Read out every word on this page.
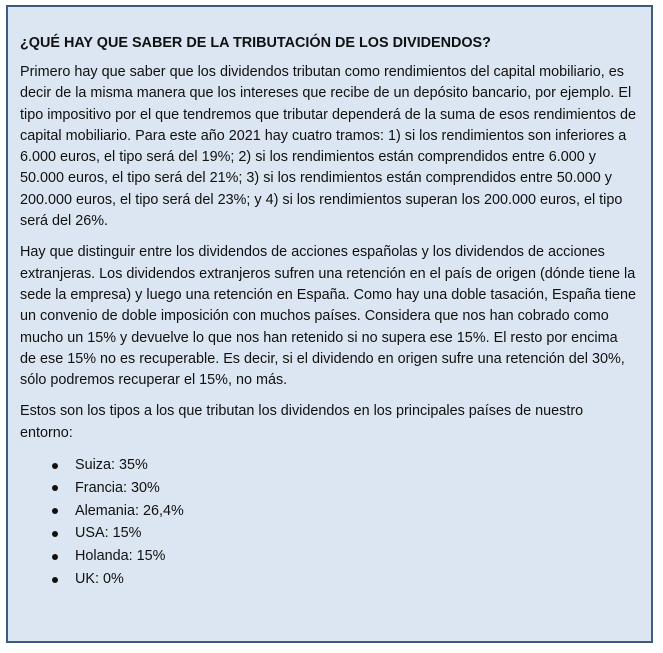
¿QUÉ HAY QUE SABER DE LA TRIBUTACIÓN DE LOS DIVIDENDOS?

Primero hay que saber que los dividendos tributan como rendimientos del capital mobiliario, es decir de la misma manera que los intereses que recibe de un depósito bancario, por ejemplo. El tipo impositivo por el que tendremos que tributar dependerá de la suma de esos rendimientos de capital mobiliario. Para este año 2021 hay cuatro tramos: 1) si los rendimientos son inferiores a 6.000 euros, el tipo será del 19%; 2) si los rendimientos están comprendidos entre 6.000 y 50.000 euros, el tipo será del 21%; 3) si los rendimientos están comprendidos entre 50.000 y 200.000 euros, el tipo será del 23%; y 4) si los rendimientos superan los 200.000 euros, el tipo será del 26%.

Hay que distinguir entre los dividendos de acciones españolas y los dividendos de acciones extranjeras. Los dividendos extranjeros sufren una retención en el país de origen (dónde tiene la sede la empresa) y luego una retención en España. Como hay una doble tasación, España tiene un convenio de doble imposición con muchos países. Considera que nos han cobrado como mucho un 15% y devuelve lo que nos han retenido si no supera ese 15%. El resto por encima de ese 15% no es recuperable. Es decir, si el dividendo en origen sufre una retención del 30%, sólo podremos recuperar el 15%, no más.

Estos son los tipos a los que tributan los dividendos en los principales países de nuestro entorno:

Suiza: 35%
Francia: 30%
Alemania: 26,4%
USA: 15%
Holanda: 15%
UK: 0%
